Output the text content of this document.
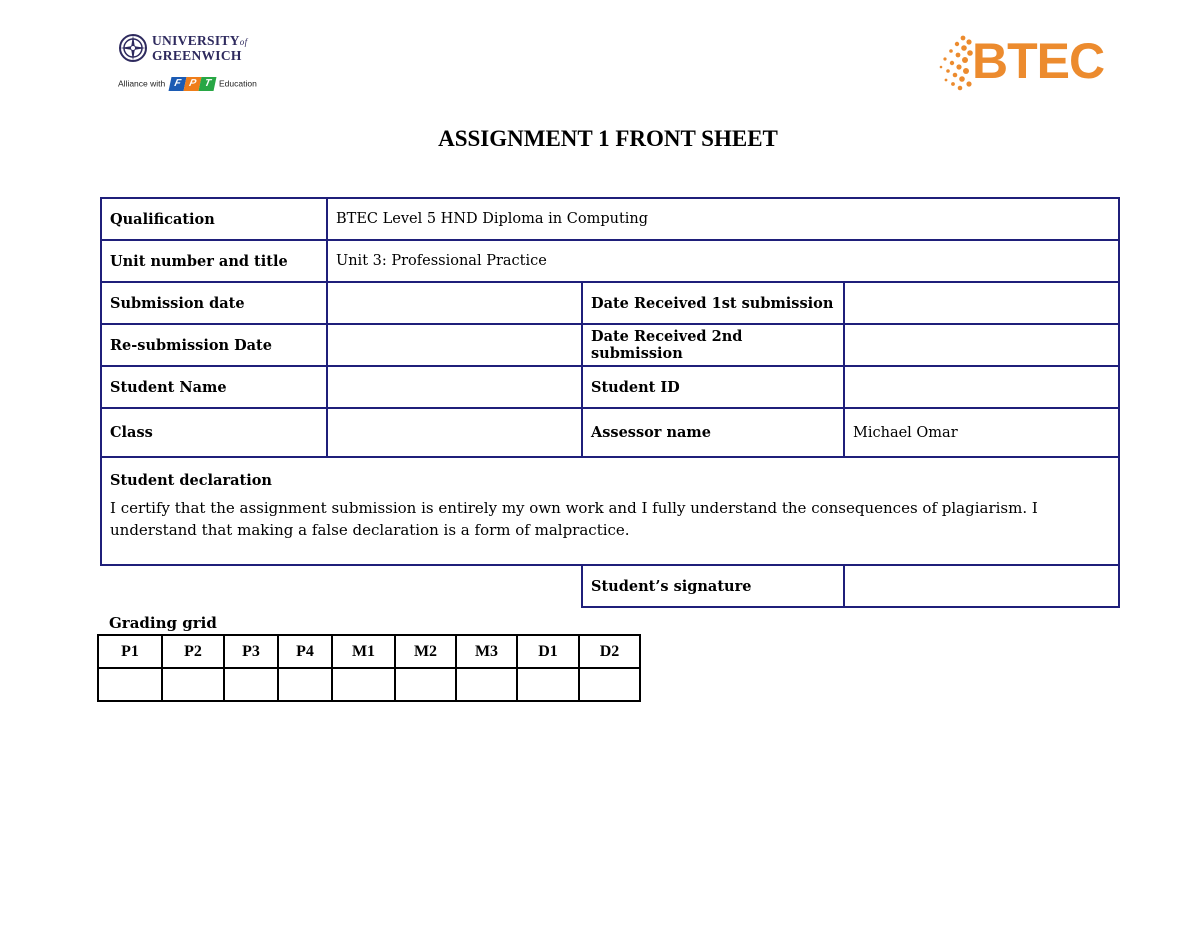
UNIVERSITYof
GREENWICH
Alliance with F P T Education	BTEC
ASSIGNMENT 1 FRONT SHEET
Qualification	BTEC Level 5 HND Diploma in Computing		
Unit number and title	Unit 3: Professional Practice		
Submission date		Date Received 1st submission	
Re-submission Date		Date Received 2nd submission	
Student Name		Student ID	
Class		Assessor name	Michael Omar

Student declaration
I certify that the assignment submission is entirely my own work and I fully understand the consequences of plagiarism. I understand that making a false declaration is a form of malpractice.			

		Student’s signature	
Grading grid
P1	P2	P3	P4	M1	M2	M3	D1	D2
